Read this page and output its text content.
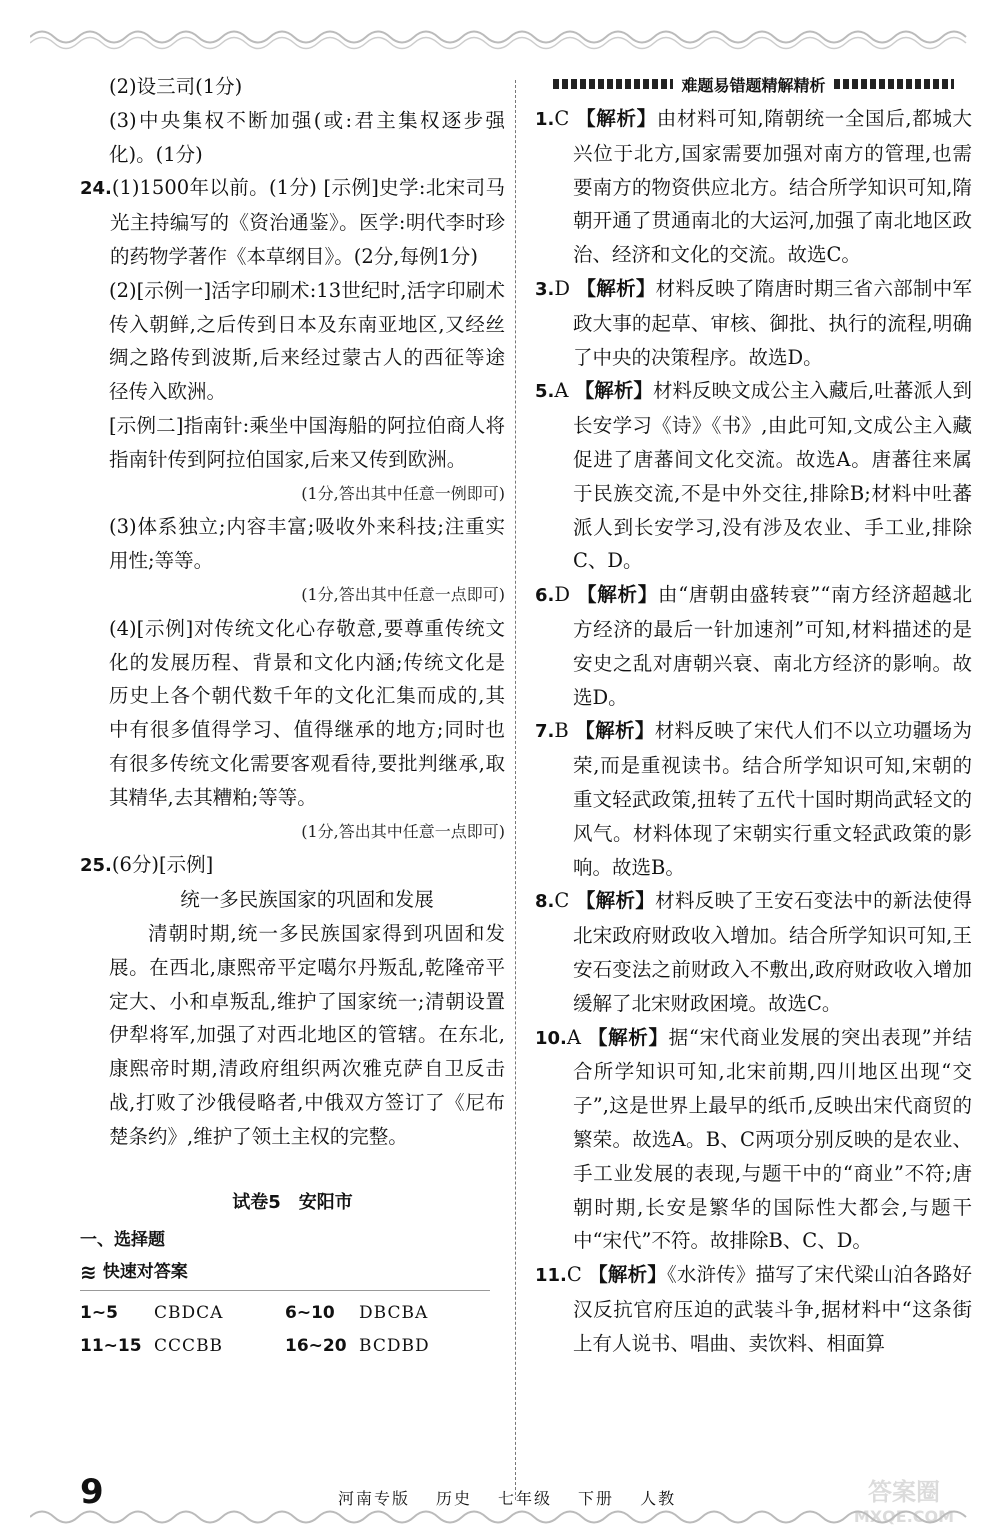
(2)设三司(1分)

(3)中央集权不断加强(或:君主集权逐步强化)。(1分)

24.(1)1500年以前。(1分) [示例]史学:北宋司马光主持编写的《资治通鉴》。医学:明代李时珍的药物学著作《本草纲目》。(2分,每例1分)

(2)[示例一]活字印刷术:13世纪时,活字印刷术传入朝鲜,之后传到日本及东南亚地区,又经丝绸之路传到波斯,后来经过蒙古人的西征等途径传入欧洲。

[示例二]指南针:乘坐中国海船的阿拉伯商人将指南针传到阿拉伯国家,后来又传到欧洲。

(1分,答出其中任意一例即可)

(3)体系独立;内容丰富;吸收外来科技;注重实用性;等等。

(1分,答出其中任意一点即可)

(4)[示例]对传统文化心存敬意,要尊重传统文化的发展历程、背景和文化内涵;传统文化是历史上各个朝代数千年的文化汇集而成的,其中有很多值得学习、值得继承的地方;同时也有很多传统文化需要客观看待,要批判继承,取其精华,去其糟粕;等等。

(1分,答出其中任意一点即可)

25.(6分)[示例]

统一多民族国家的巩固和发展

清朝时期,统一多民族国家得到巩固和发展。在西北,康熙帝平定噶尔丹叛乱,乾隆帝平定大、小和卓叛乱,维护了国家统一;清朝设置伊犁将军,加强了对西北地区的管辖。在东北,康熙帝时期,清政府组织两次雅克萨自卫反击战,打败了沙俄侵略者,中俄双方签订了《尼布楚条约》,维护了领土主权的完整。

试卷5　安阳市

一、选择题

≋ 快速对答案
1~5	CBDCA	6~10	DBCBA
11~15 CCCBB	16~20 BCDBD
难题易错题精解精析

1.C 【解析】由材料可知,隋朝统一全国后,都城大兴位于北方,国家需要加强对南方的管理,也需要南方的物资供应北方。结合所学知识可知,隋朝开通了贯通南北的大运河,加强了南北地区政治、经济和文化的交流。故选C。

3.D 【解析】材料反映了隋唐时期三省六部制中军政大事的起草、审核、御批、执行的流程,明确了中央的决策程序。故选D。

5.A 【解析】材料反映文成公主入藏后,吐蕃派人到长安学习《诗》《书》,由此可知,文成公主入藏促进了唐蕃间文化交流。故选A。唐蕃往来属于民族交流,不是中外交往,排除B;材料中吐蕃派人到长安学习,没有涉及农业、手工业,排除C、D。

6.D 【解析】由“唐朝由盛转衰”“南方经济超越北方经济的最后一针加速剂”可知,材料描述的是安史之乱对唐朝兴衰、南北方经济的影响。故选D。

7.B 【解析】材料反映了宋代人们不以立功疆场为荣,而是重视读书。结合所学知识可知,宋朝的重文轻武政策,扭转了五代十国时期尚武轻文的风气。材料体现了宋朝实行重文轻武政策的影响。故选B。

8.C 【解析】材料反映了王安石变法中的新法使得北宋政府财政收入增加。结合所学知识可知,王安石变法之前财政入不敷出,政府财政收入增加缓解了北宋财政困境。故选C。

10.A 【解析】据“宋代商业发展的突出表现”并结合所学知识可知,北宋前期,四川地区出现“交子”,这是世界上最早的纸币,反映出宋代商贸的繁荣。故选A。B、C两项分别反映的是农业、手工业发展的表现,与题干中的“商业”不符;唐朝时期,长安是繁华的国际性大都会,与题干中“宋代”不符。故排除B、C、D。

11.C 【解析】《水浒传》描写了宋代梁山泊各路好汉反抗官府压迫的武装斗争,据材料中“这条街上有人说书、唱曲、卖饮料、相面算

9	河南专版 历史 七年级 下册 人教	答案圈
MXQE.COM
